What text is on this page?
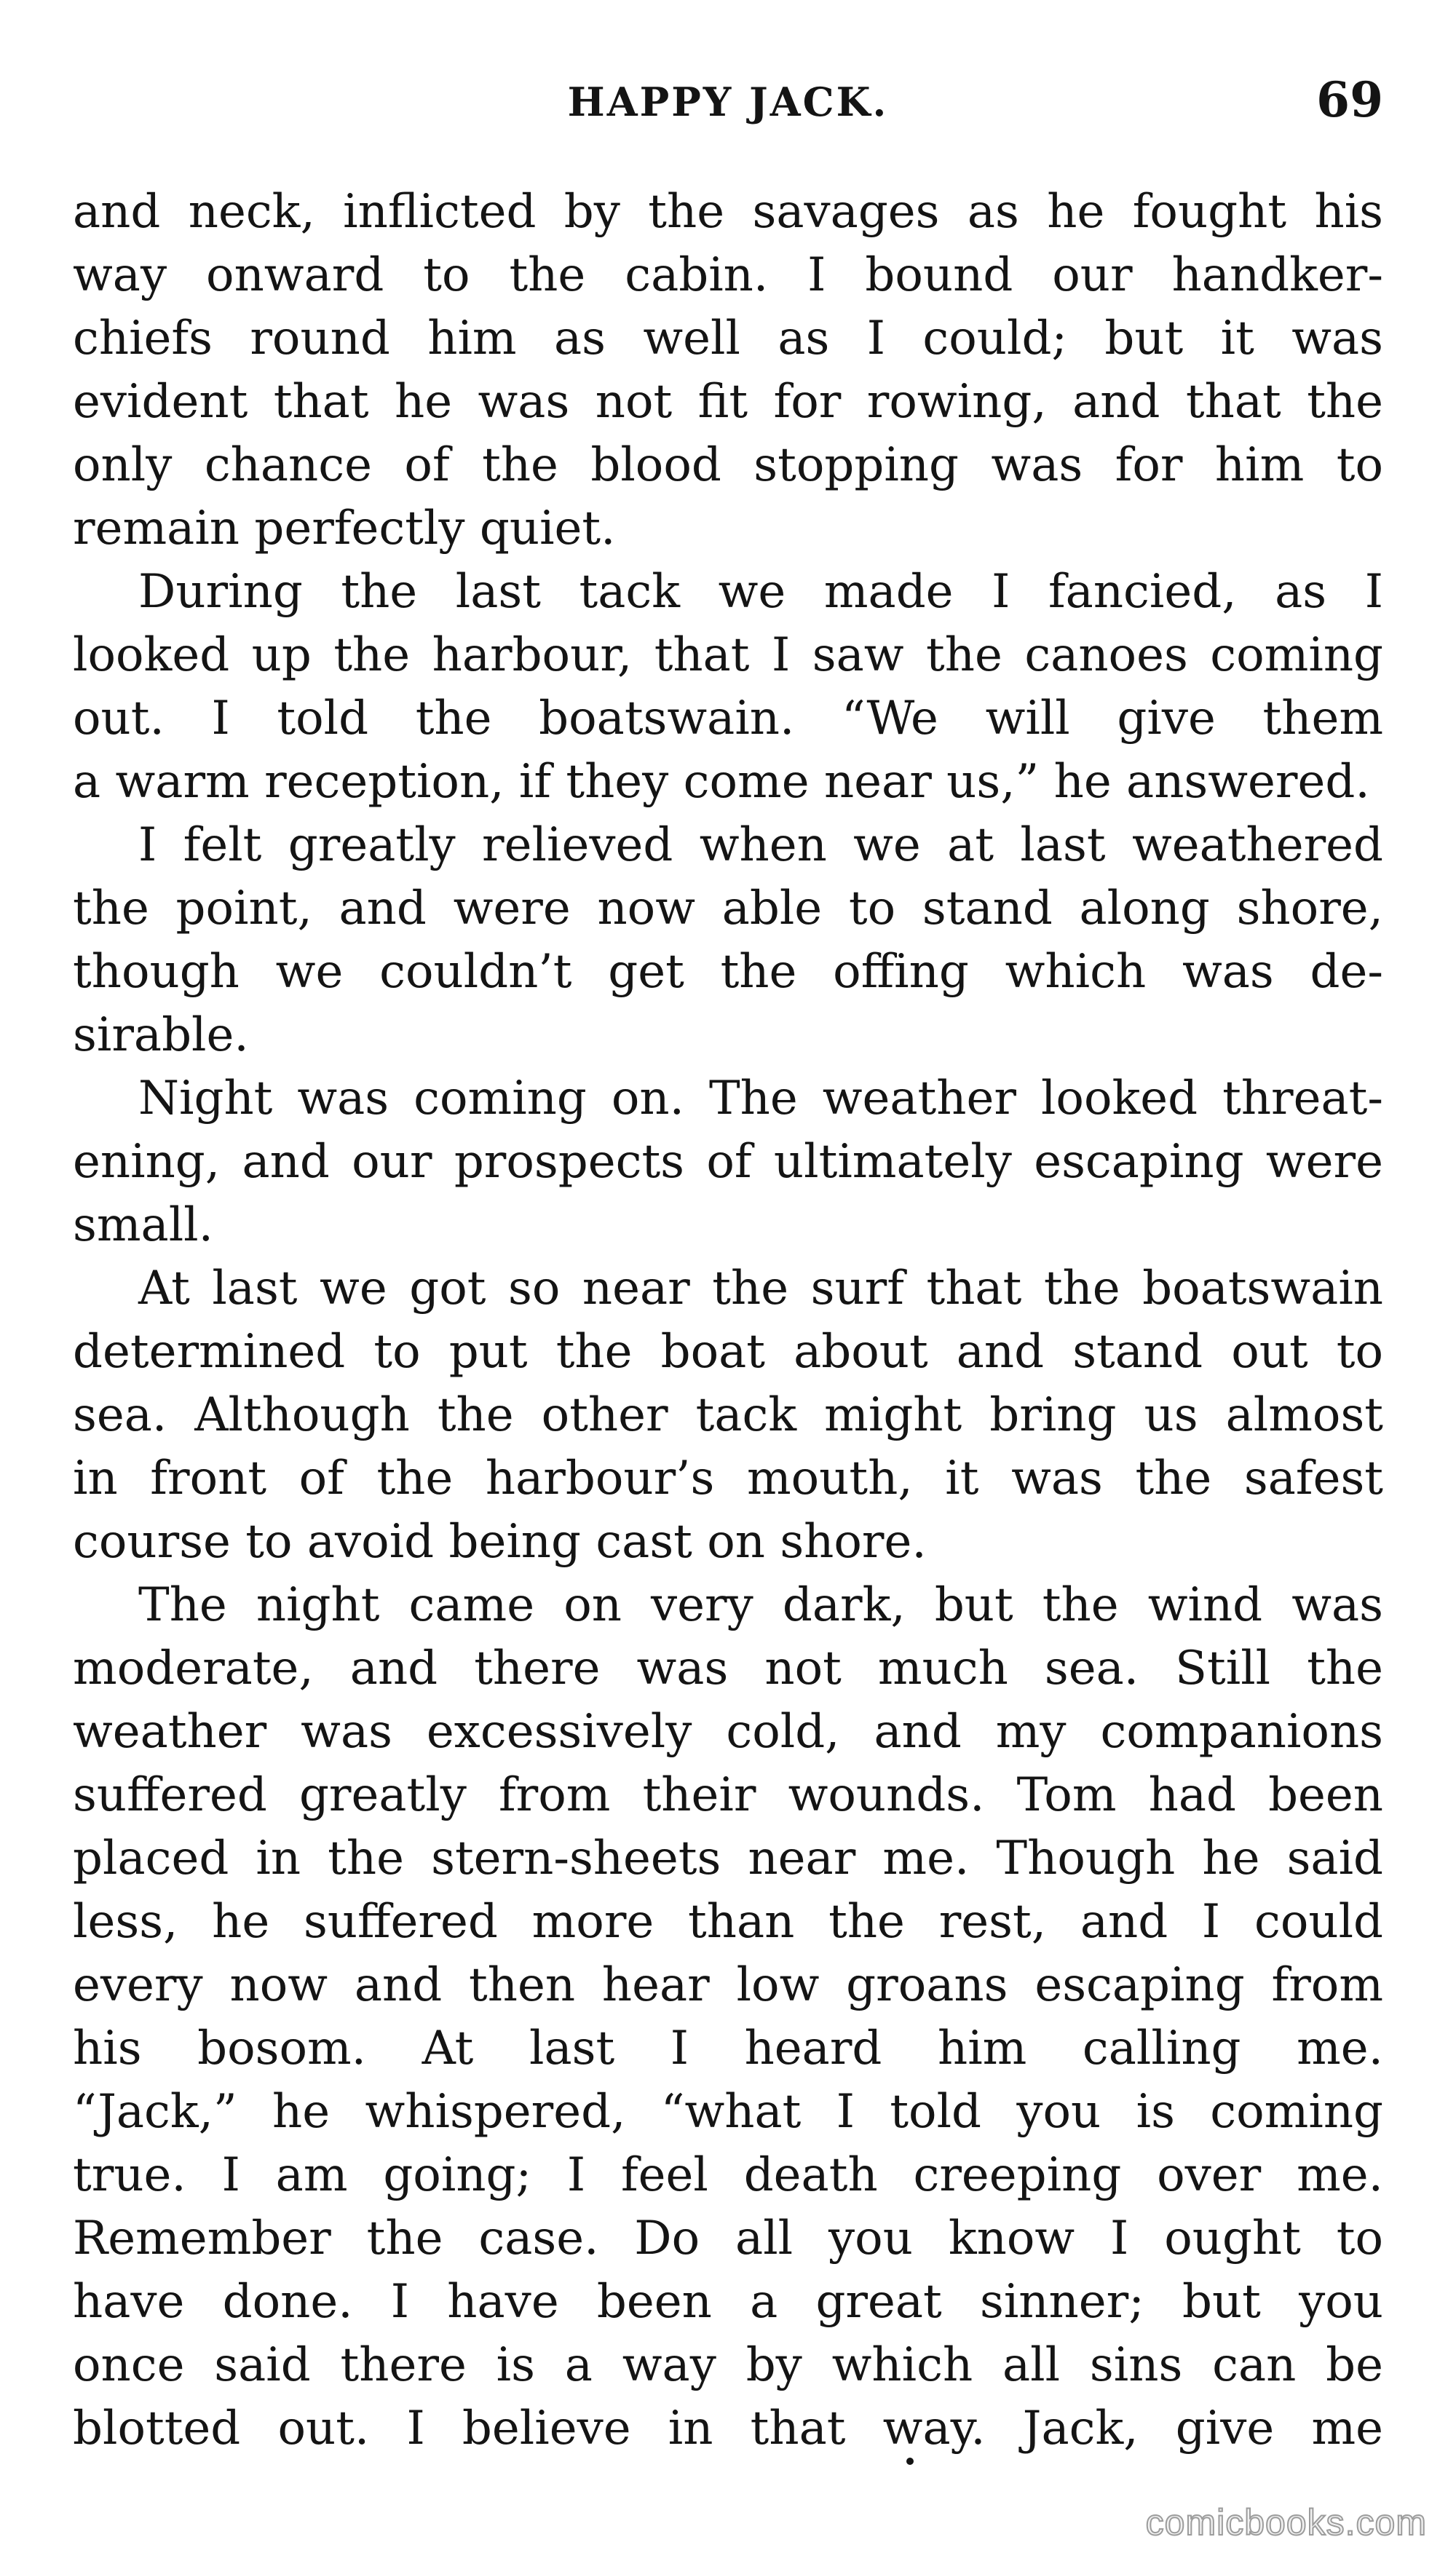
HAPPY JACK.	69
and neck, inflicted by the savages as he fought his
way onward to the cabin. I bound our handker-
chiefs round him as well as I could; but it was
evident that he was not fit for rowing, and that the
only chance of the blood stopping was for him to
remain perfectly quiet.
During the last tack we made I fancied, as I
looked up the harbour, that I saw the canoes coming
out. I told the boatswain. “We will give them
a warm reception, if they come near us,” he answered.
I felt greatly relieved when we at last weathered
the point, and were now able to stand along shore,
though we couldn’t get the offing which was de-
sirable.
Night was coming on. The weather looked threat-
ening, and our prospects of ultimately escaping were
small.
At last we got so near the surf that the boatswain
determined to put the boat about and stand out to
sea. Although the other tack might bring us almost
in front of the harbour’s mouth, it was the safest
course to avoid being cast on shore.
The night came on very dark, but the wind was
moderate, and there was not much sea. Still the
weather was excessively cold, and my companions
suffered greatly from their wounds. Tom had been
placed in the stern-sheets near me. Though he said
less, he suffered more than the rest, and I could
every now and then hear low groans escaping from
his bosom. At last I heard him calling me.
“Jack,” he whispered, “what I told you is coming
true. I am going; I feel death creeping over me.
Remember the case. Do all you know I ought to
have done. I have been a great sinner; but you
once said there is a way by which all sins can be
blotted out. I believe in that way. Jack, give me
comicbooks.com
